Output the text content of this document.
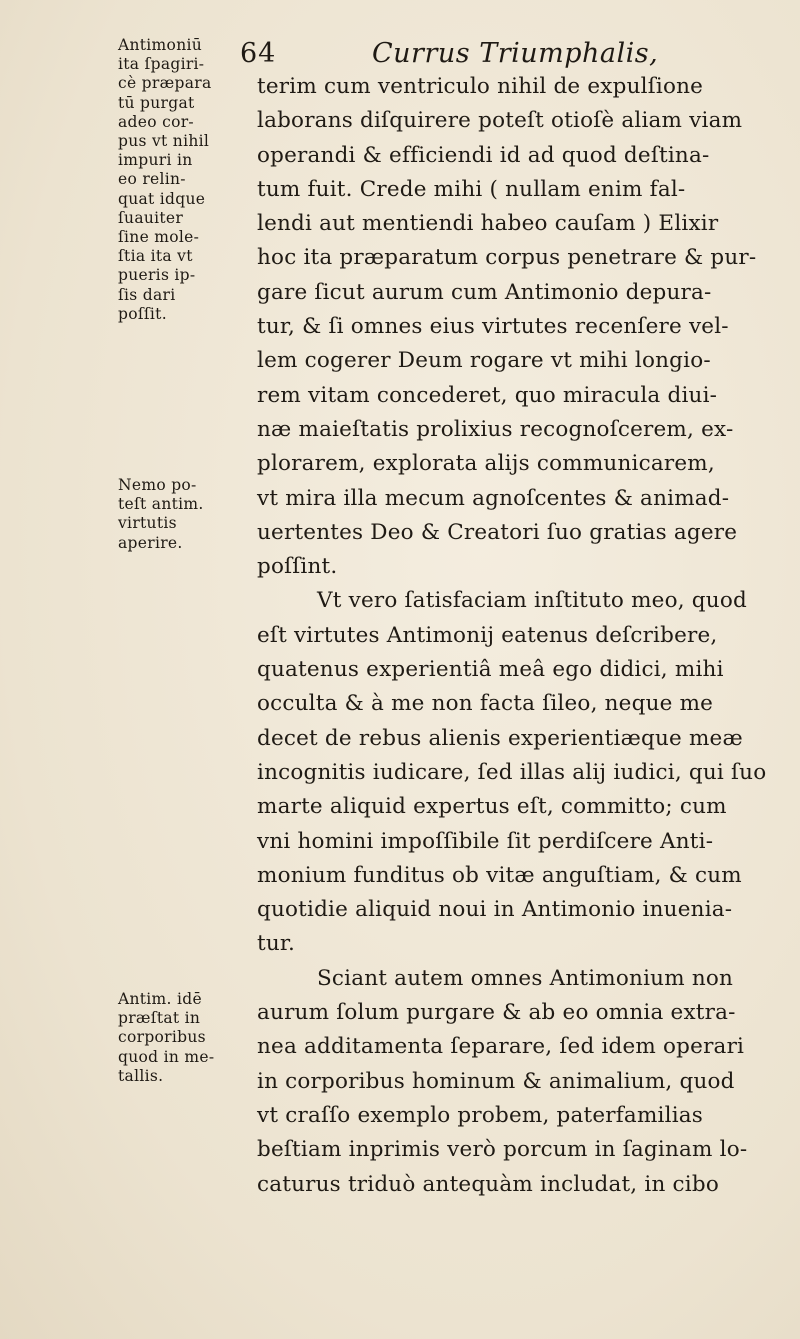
64	Currus Triumphalis,
Antimoniū
ita ſpagiri-
cè præpara
tū purgat
adeo cor-
pus vt nihil
impuri in
eo relin-
quat idque
ſuauiter
ſine mole-
ſtia ita vt
pueris ip-
ſis dari
poſſit.
Nemo po-
teſt antim.
virtutis
aperire.
Antim. idē
præſtat in
corporibus
quod in me-
tallis.
terim cum ventriculo nihil de expulſione
laborans diſquirere poteſt otioſè aliam viam
operandi & efficiendi id ad quod deſtina-
tum fuit. Crede mihi ( nullam enim fal-
lendi aut mentiendi habeo cauſam ) Elixir
hoc ita præparatum corpus penetrare & pur-
gare ſicut aurum cum Antimonio depura-
tur, & ſi omnes eius virtutes recenſere vel-
lem cogerer Deum rogare vt mihi longio-
rem vitam concederet, quo miracula diui-
næ maieſtatis prolixius recognoſcerem, ex-
plorarem, explorata alijs communicarem,
vt mira illa mecum agnoſcentes & animad-
uertentes Deo & Creatori ſuo gratias agere
poſſint.
Vt vero ſatisfaciam inſtituto meo, quod
eſt virtutes Antimonij eatenus deſcribere,
quatenus experientiâ meâ ego didici, mihi
occulta & à me non facta ſileo, neque me
decet de rebus alienis experientiæque meæ
incognitis iudicare, ſed illas alij iudici, qui ſuo
marte aliquid expertus eſt, committo; cum
vni homini impoſſibile ſit perdiſcere Anti-
monium funditus ob vitæ anguſtiam, & cum
quotidie aliquid noui in Antimonio inuenia-
tur.
Sciant autem omnes Antimonium non
aurum ſolum purgare & ab eo omnia extra-
nea additamenta ſeparare, ſed idem operari
in corporibus hominum & animalium, quod
vt craſſo exemplo probem, paterfamilias
beſtiam inprimis verò porcum in ſaginam lo-
caturus triduò antequàm includat, in cibo
